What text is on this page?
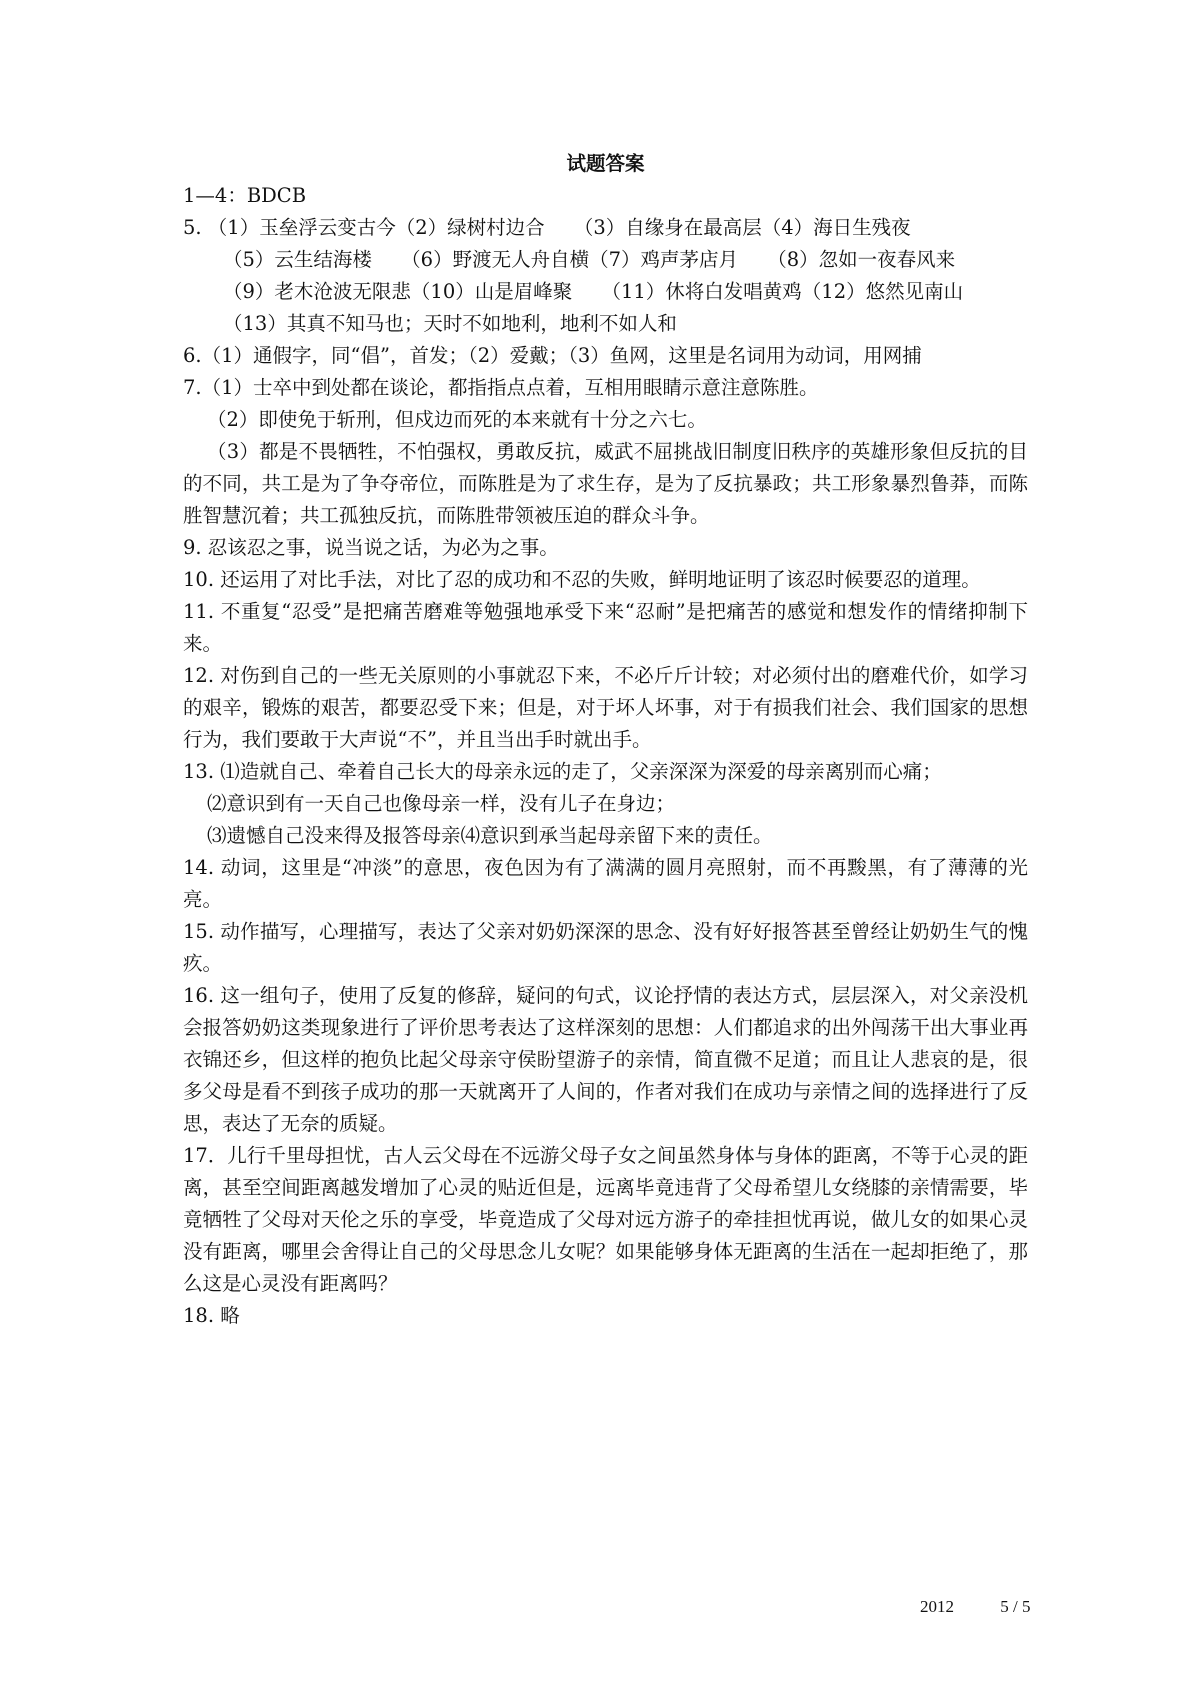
试题答案
1—4：BDCB
5. （1）玉垒浮云变古今（2）绿树村边合　　（3）自缘身在最高层（4）海日生残夜
（5）云生结海楼　　（6）野渡无人舟自横（7）鸡声茅店月　　（8）忽如一夜春风来
（9）老木沧波无限悲（10）山是眉峰聚　　（11）休将白发唱黄鸡（12）悠然见南山
（13）其真不知马也；天时不如地利，地利不如人和
6.（1）通假字，同“倡”，首发；（2）爱戴；（3）鱼网，这里是名词用为动词，用网捕
7.（1）士卒中到处都在谈论，都指指点点着，互相用眼睛示意注意陈胜。
（2）即使免于斩刑，但戍边而死的本来就有十分之六七。

（3）都是不畏牺牲，不怕强权，勇敢反抗，威武不屈挑战旧制度旧秩序的英雄形象但反抗的目的不同，共工是为了争夺帝位，而陈胜是为了求生存，是为了反抗暴政；共工形象暴烈鲁莽，而陈胜智慧沉着；共工孤独反抗，而陈胜带领被压迫的群众斗争。

9. 忍该忍之事，说当说之话，为必为之事。

10. 还运用了对比手法，对比了忍的成功和不忍的失败，鲜明地证明了该忍时候要忍的道理。

11. 不重复“忍受”是把痛苦磨难等勉强地承受下来“忍耐”是把痛苦的感觉和想发作的情绪抑制下来。

12. 对伤到自己的一些无关原则的小事就忍下来，不必斤斤计较；对必须付出的磨难代价，如学习的艰辛，锻炼的艰苦，都要忍受下来；但是，对于坏人坏事，对于有损我们社会、我们国家的思想行为，我们要敢于大声说“不”，并且当出手时就出手。

13. ⑴造就自己、牵着自己长大的母亲永远的走了，父亲深深为深爱的母亲离别而心痛；
⑵意识到有一天自己也像母亲一样，没有儿子在身边；
⑶遗憾自己没来得及报答母亲⑷意识到承当起母亲留下来的责任。

14. 动词，这里是“冲淡”的意思，夜色因为有了满满的圆月亮照射，而不再黢黑，有了薄薄的光亮。

15. 动作描写，心理描写，表达了父亲对奶奶深深的思念、没有好好报答甚至曾经让奶奶生气的愧疚。

16. 这一组句子，使用了反复的修辞，疑问的句式，议论抒情的表达方式，层层深入，对父亲没机会报答奶奶这类现象进行了评价思考表达了这样深刻的思想：人们都追求的出外闯荡干出大事业再衣锦还乡，但这样的抱负比起父母亲守侯盼望游子的亲情，简直微不足道；而且让人悲哀的是，很多父母是看不到孩子成功的那一天就离开了人间的，作者对我们在成功与亲情之间的选择进行了反思，表达了无奈的质疑。

17．儿行千里母担忧，古人云父母在不远游父母子女之间虽然身体与身体的距离，不等于心灵的距离，甚至空间距离越发增加了心灵的贴近但是，远离毕竟违背了父母希望儿女绕膝的亲情需要，毕竟牺牲了父母对天伦之乐的享受，毕竟造成了父母对远方游子的牵挂担忧再说，做儿女的如果心灵没有距离，哪里会舍得让自己的父母思念儿女呢？如果能够身体无距离的生活在一起却拒绝了，那么这是心灵没有距离吗？

18. 略

2012	5 / 5
